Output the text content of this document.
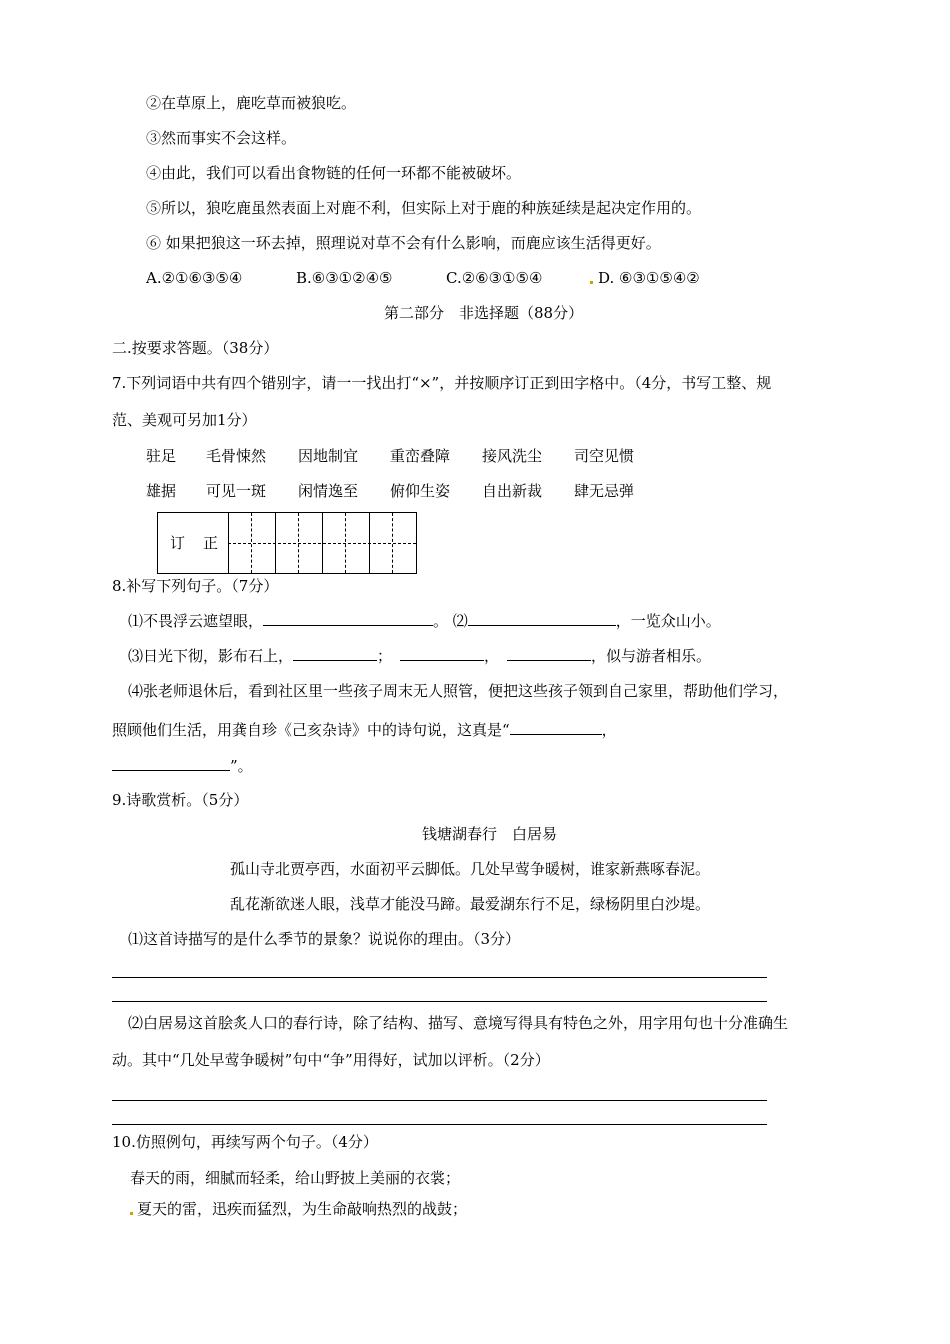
②在草原上，鹿吃草而被狼吃。
③然而事实不会这样。
④由此，我们可以看出食物链的任何一环都不能被破坏。
⑤所以，狼吃鹿虽然表面上对鹿不利，但实际上对于鹿的种族延续是起决定作用的。
⑥ 如果把狼这一环去掉，照理说对草不会有什么影响，而鹿应该生活得更好。
A.②①⑥③⑤④	B.⑥③①②④⑤	C.②⑥③①⑤④	D. ⑥③①⑤④②
第二部分　非选择题（88分）
二.按要求答题。（38分）
7.下列词语中共有四个错别字，请一一找出打“×”，并按顺序订正到田字格中。（4分，书写工整、规
范、美观可另加1分）
驻足 毛骨悚然 因地制宜 重峦叠障 接风洗尘 司空见惯
雄据 可见一斑 闲情逸至 俯仰生姿 自出新裁 肆无忌弹
订正
8.补写下列句子。（7分）
⑴不畏浮云遮望眼，	。 ⑵	，一览众山小。
⑶日光下彻，影布石上，	；	，	，似与游者相乐。
⑷张老师退休后，看到社区里一些孩子周末无人照管，便把这些孩子领到自己家里，帮助他们学习，
照顾他们生活，用龚自珍《己亥杂诗》中的诗句说，这真是“	，
”。
9.诗歌赏析。（5分）
钱塘湖春行　白居易
孤山寺北贾亭西，水面初平云脚低。几处早莺争暖树，谁家新燕啄春泥。
乱花渐欲迷人眼，浅草才能没马蹄。最爱湖东行不足，绿杨阴里白沙堤。
⑴这首诗描写的是什么季节的景象？说说你的理由。（3分）
⑵白居易这首脍炙人口的春行诗，除了结构、描写、意境写得具有特色之外，用字用句也十分准确生
动。其中“几处早莺争暖树”句中“争”用得好，试加以评析。（2分）
10.仿照例句，再续写两个句子。（4分）
春天的雨，细腻而轻柔，给山野披上美丽的衣裳；
夏天的雷，迅疾而猛烈，为生命敲响热烈的战鼓；
